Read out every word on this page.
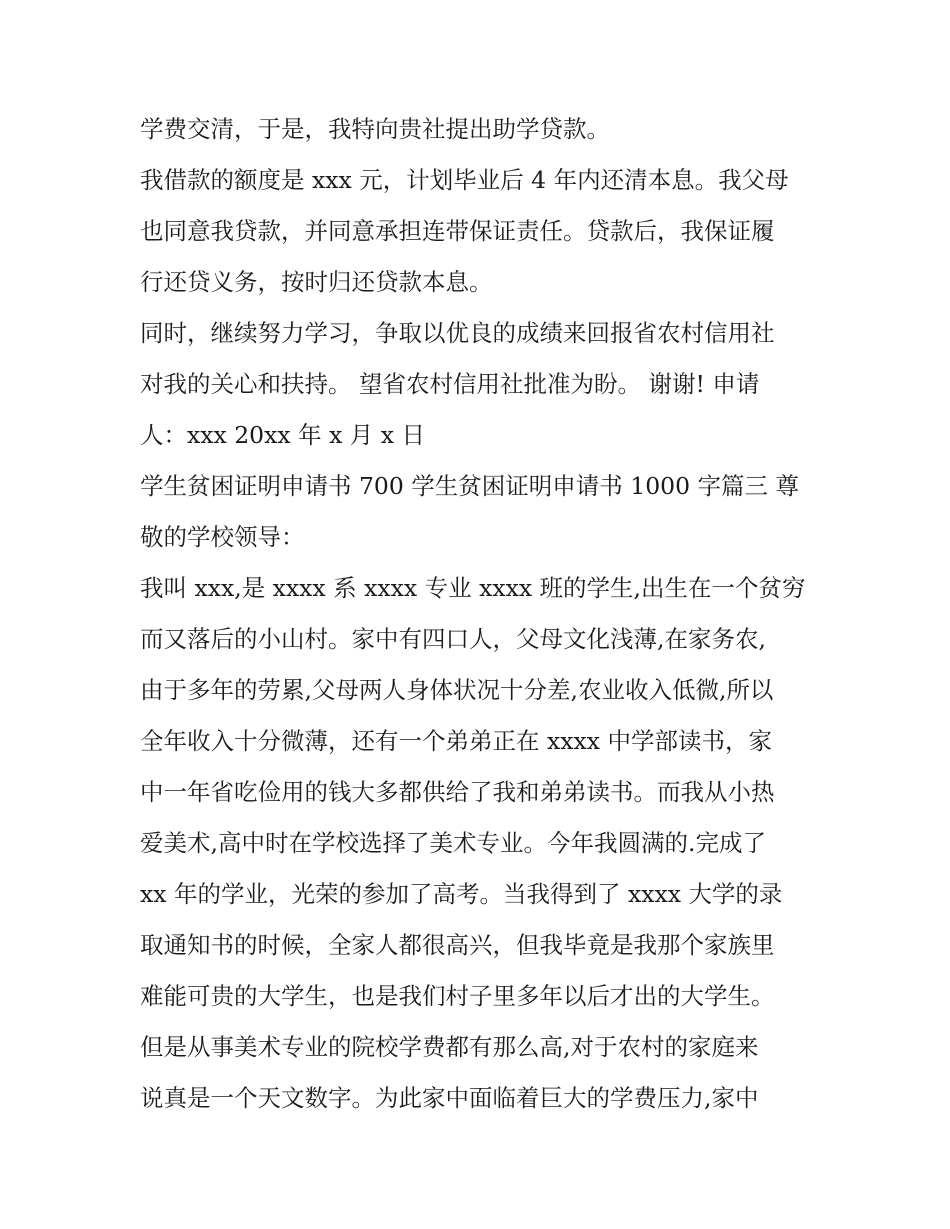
学费交清，于是，我特向贵社提出助学贷款。
我借款的额度是 xxx 元，计划毕业后 4 年内还清本息。我父母
也同意我贷款，并同意承担连带保证责任。贷款后，我保证履
行还贷义务，按时归还贷款本息。
同时，继续努力学习，争取以优良的成绩来回报省农村信用社
对我的关心和扶持。 望省农村信用社批准为盼。 谢谢! 申请
人：xxx 20xx 年 x 月 x 日
学生贫困证明申请书 700 学生贫困证明申请书 1000 字篇三 尊
敬的学校领导：
我叫 xxx,是 xxxx 系 xxxx 专业 xxxx 班的学生,出生在一个贫穷
而又落后的小山村。家中有四口人，父母文化浅薄,在家务农,
由于多年的劳累,父母两人身体状况十分差,农业收入低微,所以
全年收入十分微薄，还有一个弟弟正在 xxxx 中学部读书，家
中一年省吃俭用的钱大多都供给了我和弟弟读书。而我从小热
爱美术,高中时在学校选择了美术专业。今年我圆满的.完成了
xx 年的学业，光荣的参加了高考。当我得到了 xxxx 大学的录
取通知书的时候，全家人都很高兴，但我毕竟是我那个家族里
难能可贵的大学生，也是我们村子里多年以后才出的大学生。
但是从事美术专业的院校学费都有那么高,对于农村的家庭来
说真是一个天文数字。为此家中面临着巨大的学费压力,家中
